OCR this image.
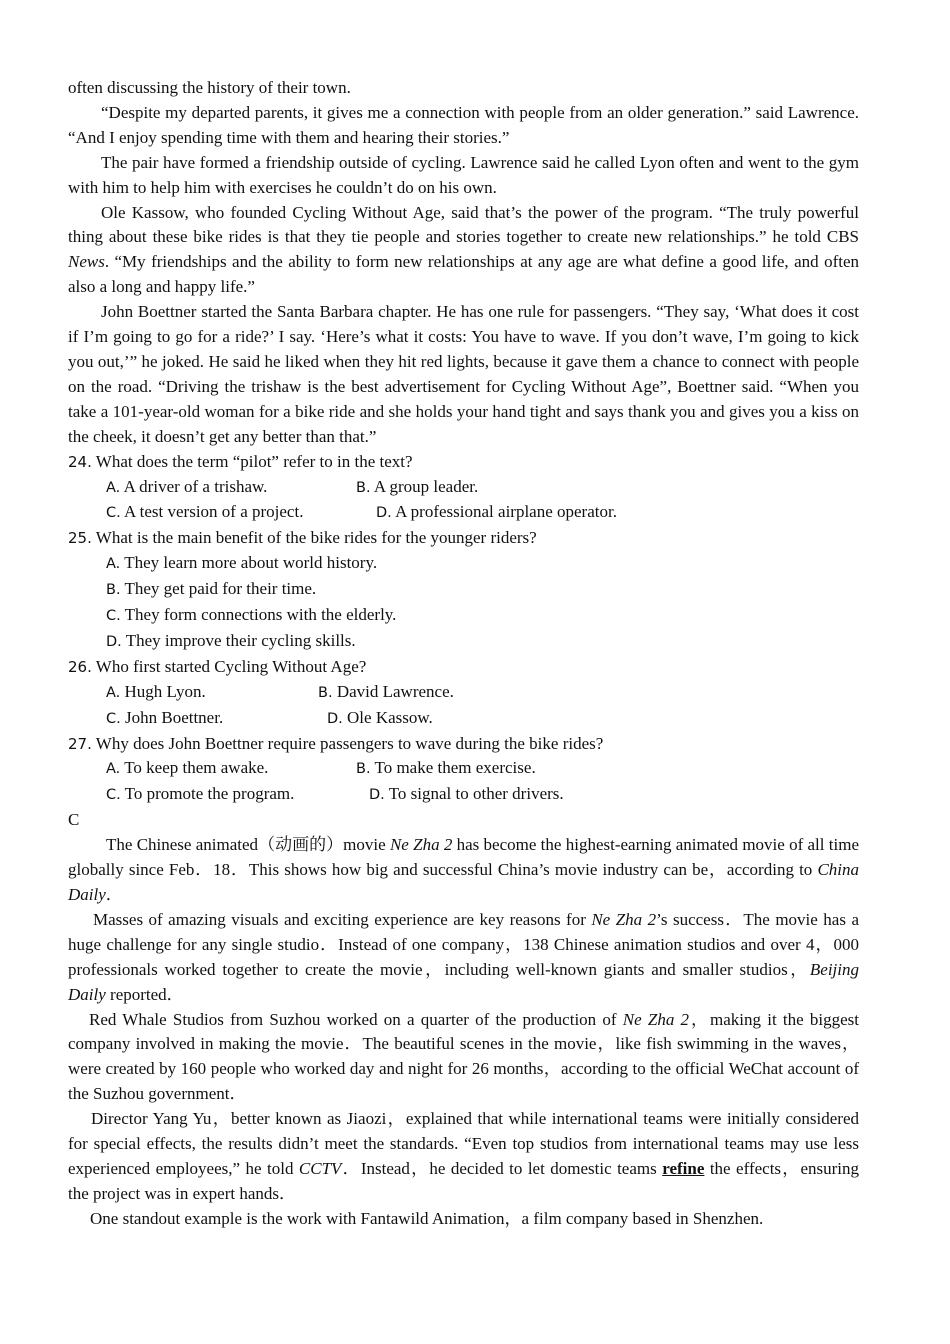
often discussing the history of their town.

“Despite my departed parents, it gives me a connection with people from an older generation.” said Lawrence. “And I enjoy spending time with them and hearing their stories.”

The pair have formed a friendship outside of cycling. Lawrence said he called Lyon often and went to the gym with him to help him with exercises he couldn’t do on his own.

Ole Kassow, who founded Cycling Without Age, said that’s the power of the program. “The truly powerful thing about these bike rides is that they tie people and stories together to create new relationships.” he told CBS News. “My friendships and the ability to form new relationships at any age are what define a good life, and often also a long and happy life.”

John Boettner started the Santa Barbara chapter. He has one rule for passengers. “They say, ‘What does it cost if I’m going to go for a ride?’ I say. ‘Here’s what it costs: You have to wave. If you don’t wave, I’m going to kick you out,’” he joked. He said he liked when they hit red lights, because it gave them a chance to connect with people on the road. “Driving the trishaw is the best advertisement for Cycling Without Age”, Boettner said. “When you take a 101-year-old woman for a bike ride and she holds your hand tight and says thank you and gives you a kiss on the cheek, it doesn’t get any better than that.”

24. What does the term “pilot” refer to in the text?

A. A driver of a trishaw.	B. A group leader.
C. A test version of a project.	D. A professional airplane operator.

25. What is the main benefit of the bike rides for the younger riders?

A. They learn more about world history.
B. They get paid for their time.
C. They form connections with the elderly.
D. They improve their cycling skills.

26. Who first started Cycling Without Age?

A. Hugh Lyon.	B. David Lawrence.
C. John Boettner.	D. Ole Kassow.

27. Why does John Boettner require passengers to wave during the bike rides?

A. To keep them awake.	B. To make them exercise.
C. To promote the program.	D. To signal to other drivers.

C

The Chinese animated（动画的）movie Ne Zha 2 has become the highest-earning animated movie of all time globally since Feb．18．This shows how big and successful China’s movie industry can be，according to China Daily．

Masses of amazing visuals and exciting experience are key reasons for Ne Zha 2’s success．The movie has a huge challenge for any single studio．Instead of one company，138 Chinese animation studios and over 4，000 professionals worked together to create the movie，including well-known giants and smaller studios，Beijing Daily reported．

Red Whale Studios from Suzhou worked on a quarter of the production of Ne Zha 2，making it the biggest company involved in making the movie．The beautiful scenes in the movie，like fish swimming in the waves， were created by 160 people who worked day and night for 26 months，according to the official WeChat account of the Suzhou government．

Director Yang Yu，better known as Jiaozi，explained that while international teams were initially considered for special effects, the results didn’t meet the standards. “Even top studios from international teams may use less experienced employees,” he told CCTV．Instead，he decided to let domestic teams refine the effects，ensuring the project was in expert hands．

One standout example is the work with Fantawild Animation，a film company based in Shenzhen.
